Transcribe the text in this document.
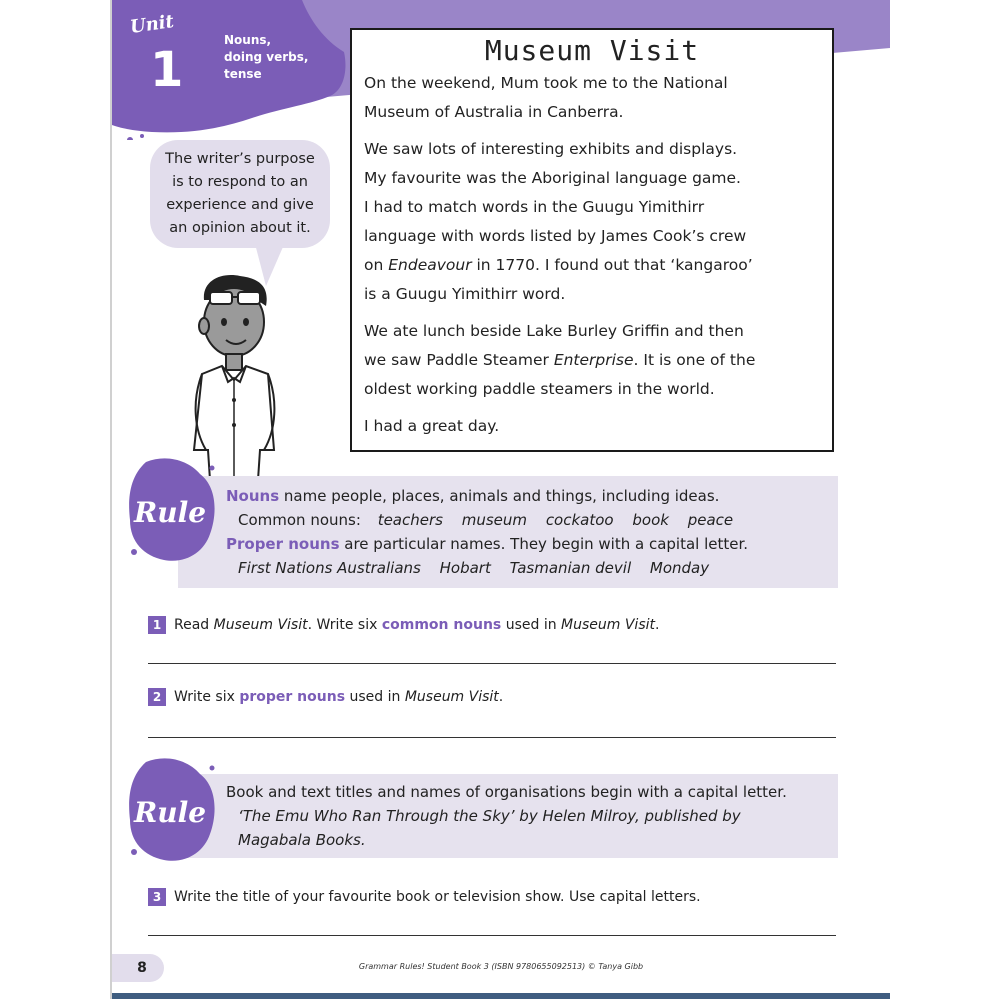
Unit
1
Nouns,
doing verbs,
tense
The writer’s purpose
is to respond to an
experience and give
an opinion about it.
Museum Visit
On the weekend, Mum took me to the National
Museum of Australia in Canberra.
We saw lots of interesting exhibits and displays.
My favourite was the Aboriginal language game.
I had to match words in the Guugu Yimithirr
language with words listed by James Cook’s crew
on Endeavour in 1770. I found out that ‘kangaroo’
is a Guugu Yimithirr word.
We ate lunch beside Lake Burley Griffin and then
we saw Paddle Steamer Enterprise. It is one of the
oldest working paddle steamers in the world.
I had a great day.
Nouns name people, places, animals and things, including ideas.
Common nouns: teachers museum cockatoo book peace
Proper nouns are particular names. They begin with a capital letter.
First Nations Australians Hobart Tasmanian devil Monday
Rule
1 Read Museum Visit. Write six common nouns used in Museum Visit.
2 Write six proper nouns used in Museum Visit.
Book and text titles and names of organisations begin with a capital letter.
‘The Emu Who Ran Through the Sky’ by Helen Milroy, published by
Magabala Books.
Rule
3 Write the title of your favourite book or television show. Use capital letters.
8	Grammar Rules! Student Book 3 (ISBN 9780655092513) © Tanya Gibb
